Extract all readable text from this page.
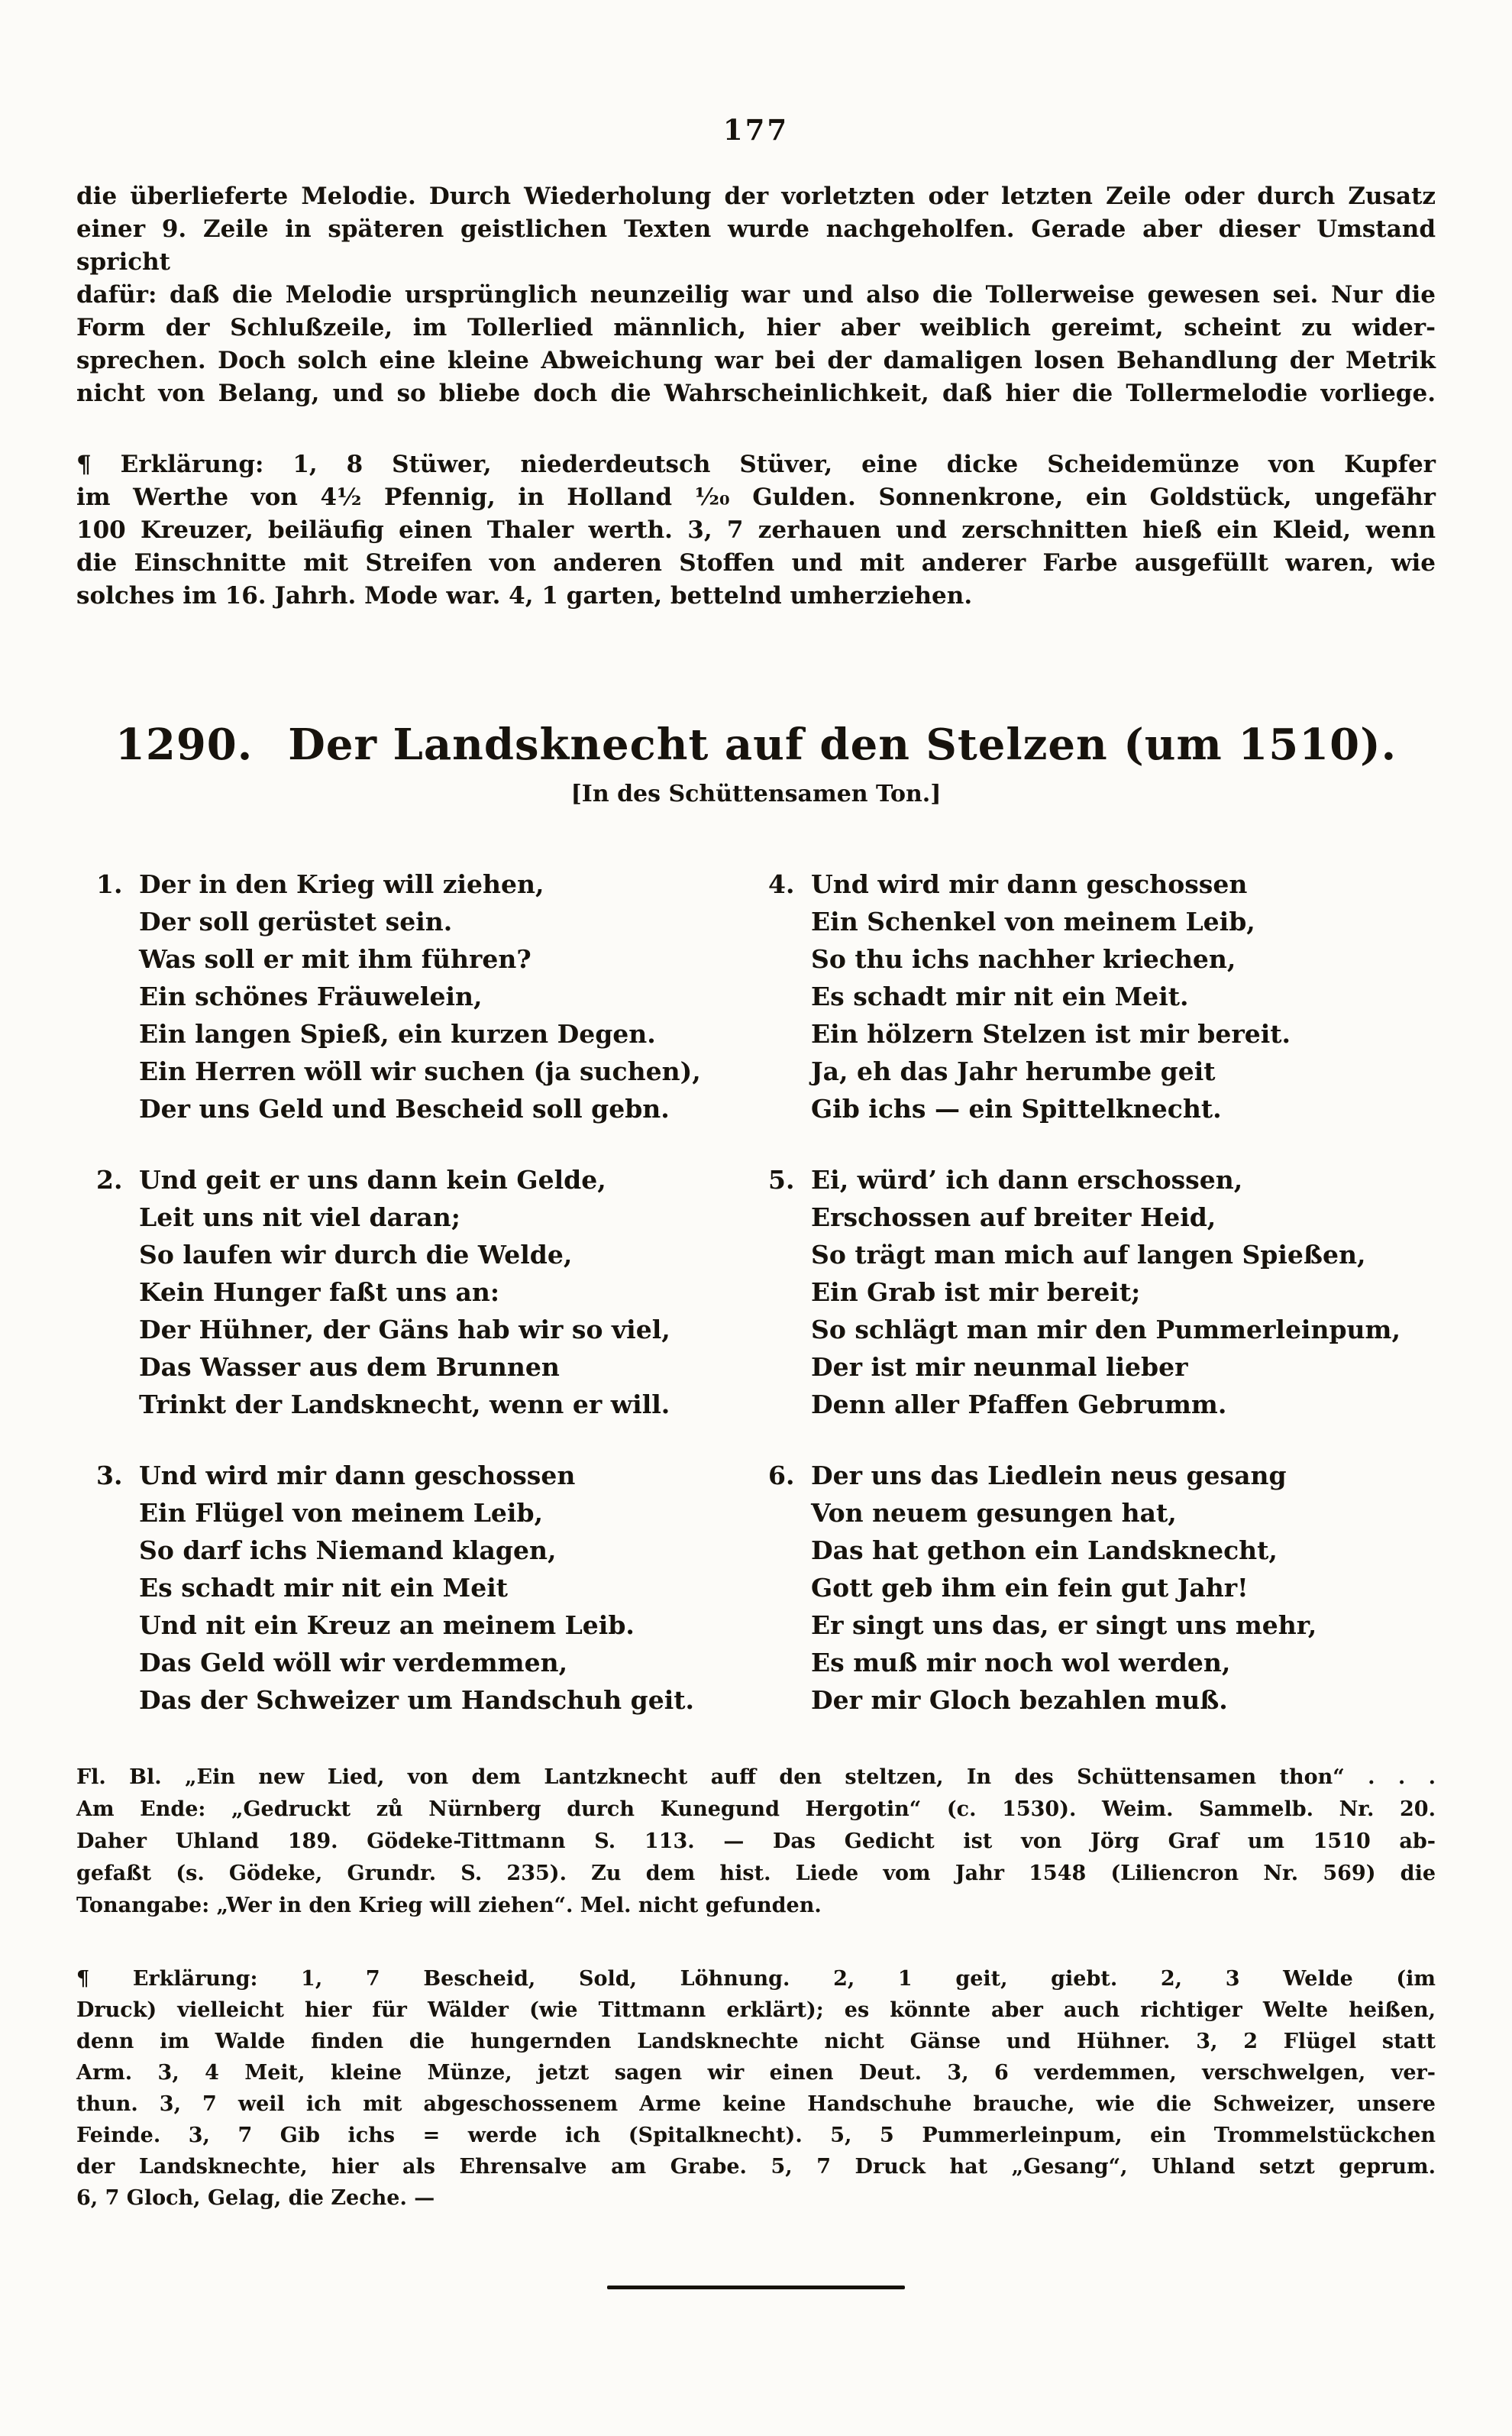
177
die überlieferte Melodie. Durch Wiederholung der vorletzten oder letzten Zeile oder durch Zusatz
einer 9. Zeile in späteren geistlichen Texten wurde nachgeholfen. Gerade aber dieser Umstand spricht
dafür: daß die Melodie ursprünglich neunzeilig war und also die Tollerweise gewesen sei. Nur die
Form der Schlußzeile, im Tollerlied männlich, hier aber weiblich gereimt, scheint zu wider-
sprechen. Doch solch eine kleine Abweichung war bei der damaligen losen Behandlung der Metrik
nicht von Belang, und so bliebe doch die Wahrscheinlichkeit, daß hier die Tollermelodie vorliege.
¶ Erklärung: 1, 8 Stüwer, niederdeutsch Stüver, eine dicke Scheidemünze von Kupfer
im Werthe von 4½ Pfennig, in Holland ¹⁄₂₀ Gulden. Sonnenkrone, ein Goldstück, ungefähr
100 Kreuzer, beiläufig einen Thaler werth. 3, 7 zerhauen und zerschnitten hieß ein Kleid, wenn
die Einschnitte mit Streifen von anderen Stoffen und mit anderer Farbe ausgefüllt waren, wie
solches im 16. Jahrh. Mode war. 4, 1 garten, bettelnd umherziehen.
1290. Der Landsknecht auf den Stelzen (um 1510).
[In des Schüttensamen Ton.]
1. Der in den Krieg will ziehen,
Der soll gerüstet sein.
Was soll er mit ihm führen?
Ein schönes Fräuwelein,
Ein langen Spieß, ein kurzen Degen.
Ein Herren wöll wir suchen (ja suchen),
Der uns Geld und Bescheid soll gebn.
2. Und geit er uns dann kein Gelde,
Leit uns nit viel daran;
So laufen wir durch die Welde,
Kein Hunger faßt uns an:
Der Hühner, der Gäns hab wir so viel,
Das Wasser aus dem Brunnen
Trinkt der Landsknecht, wenn er will.
3. Und wird mir dann geschossen
Ein Flügel von meinem Leib,
So darf ichs Niemand klagen,
Es schadt mir nit ein Meit
Und nit ein Kreuz an meinem Leib.
Das Geld wöll wir verdemmen,
Das der Schweizer um Handschuh geit.
4. Und wird mir dann geschossen
Ein Schenkel von meinem Leib,
So thu ichs nachher kriechen,
Es schadt mir nit ein Meit.
Ein hölzern Stelzen ist mir bereit.
Ja, eh das Jahr herumbe geit
Gib ichs — ein Spittelknecht.
5. Ei, würd’ ich dann erschossen,
Erschossen auf breiter Heid,
So trägt man mich auf langen Spießen,
Ein Grab ist mir bereit;
So schlägt man mir den Pummerleinpum,
Der ist mir neunmal lieber
Denn aller Pfaffen Gebrumm.
6. Der uns das Liedlein neus gesang
Von neuem gesungen hat,
Das hat gethon ein Landsknecht,
Gott geb ihm ein fein gut Jahr!
Er singt uns das, er singt uns mehr,
Es muß mir noch wol werden,
Der mir Gloch bezahlen muß.
Fl. Bl. „Ein new Lied, von dem Lantzknecht auff den steltzen, In des Schüttensamen thon“ . . .
Am Ende: „Gedruckt zů Nürnberg durch Kunegund Hergotin“ (c. 1530). Weim. Sammelb. Nr. 20.
Daher Uhland 189. Gödeke-Tittmann S. 113. — Das Gedicht ist von Jörg Graf um 1510 ab-
gefaßt (s. Gödeke, Grundr. S. 235). Zu dem hist. Liede vom Jahr 1548 (Liliencron Nr. 569) die
Tonangabe: „Wer in den Krieg will ziehen“. Mel. nicht gefunden.
¶ Erklärung: 1, 7 Bescheid, Sold, Löhnung. 2, 1 geit, giebt. 2, 3 Welde (im
Druck) vielleicht hier für Wälder (wie Tittmann erklärt); es könnte aber auch richtiger Welte heißen,
denn im Walde finden die hungernden Landsknechte nicht Gänse und Hühner. 3, 2 Flügel statt
Arm. 3, 4 Meit, kleine Münze, jetzt sagen wir einen Deut. 3, 6 verdemmen, verschwelgen, ver-
thun. 3, 7 weil ich mit abgeschossenem Arme keine Handschuhe brauche, wie die Schweizer, unsere
Feinde. 3, 7 Gib ichs = werde ich (Spitalknecht). 5, 5 Pummerleinpum, ein Trommelstückchen
der Landsknechte, hier als Ehrensalve am Grabe. 5, 7 Druck hat „Gesang“, Uhland setzt geprum.
6, 7 Gloch, Gelag, die Zeche. —
